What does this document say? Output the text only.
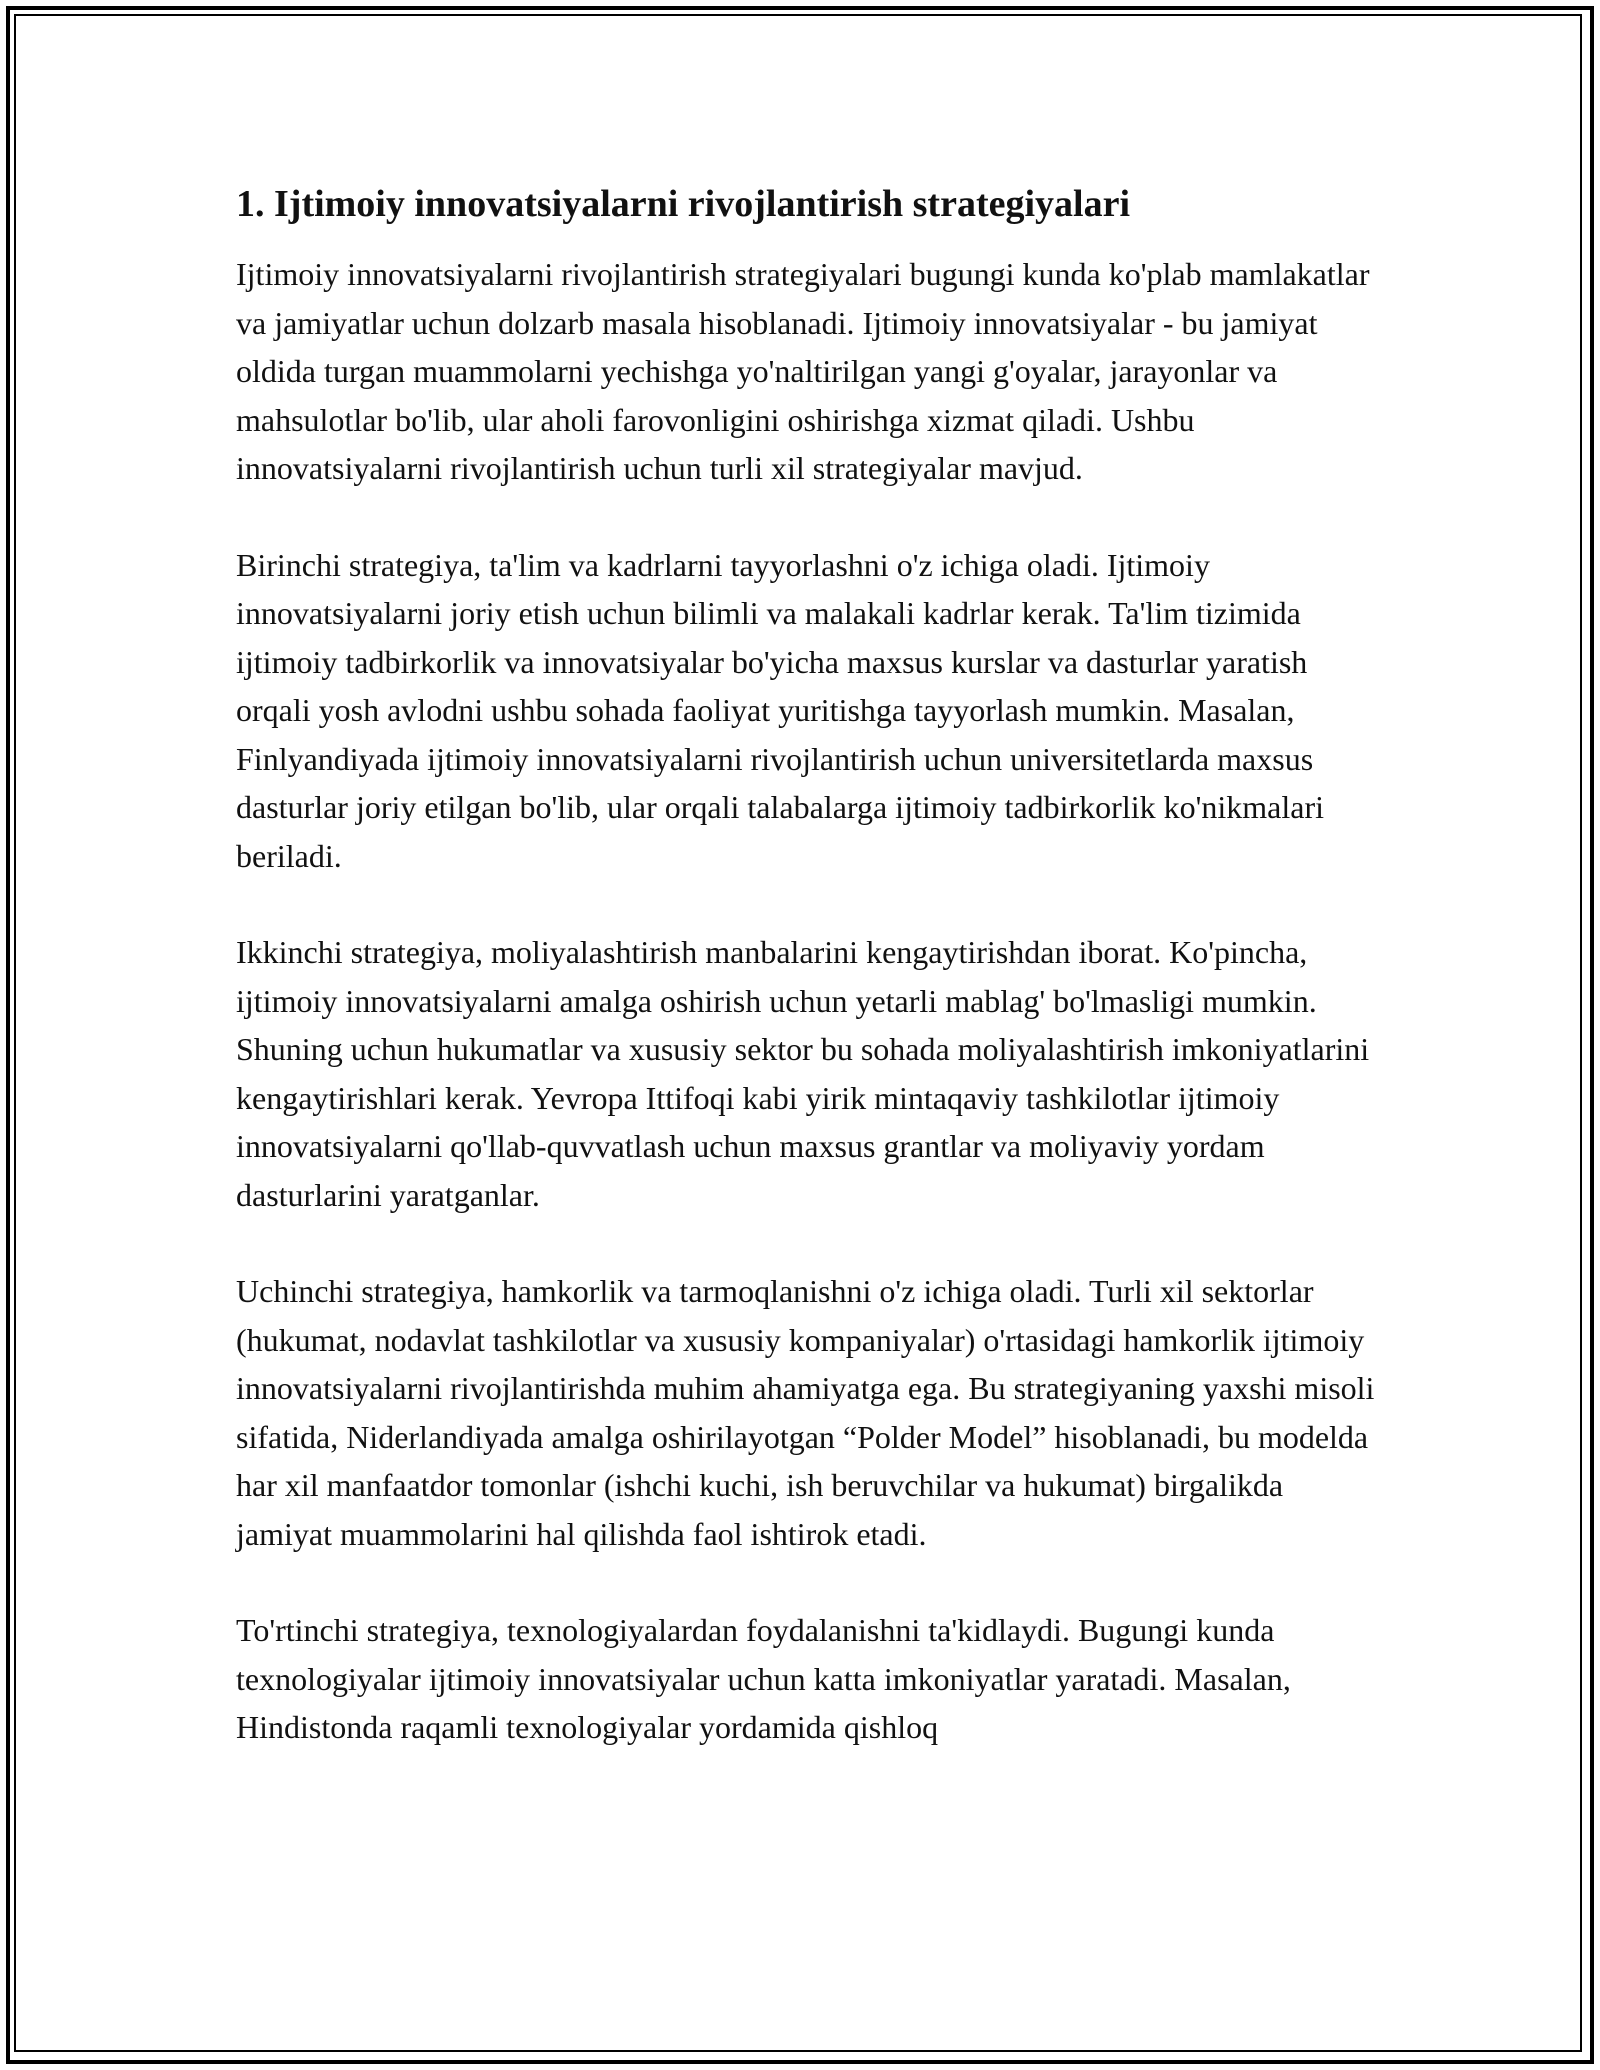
1. Ijtimoiy innovatsiyalarni rivojlantirish strategiyalari

Ijtimoiy innovatsiyalarni rivojlantirish strategiyalari bugungi kunda ko'plab mamlakatlar va jamiyatlar uchun dolzarb masala hisoblanadi. Ijtimoiy innovatsiyalar - bu jamiyat oldida turgan muammolarni yechishga yo'naltirilgan yangi g'oyalar, jarayonlar va mahsulotlar bo'lib, ular aholi farovonligini oshirishga xizmat qiladi. Ushbu innovatsiyalarni rivojlantirish uchun turli xil strategiyalar mavjud.

Birinchi strategiya, ta'lim va kadrlarni tayyorlashni o'z ichiga oladi. Ijtimoiy innovatsiyalarni joriy etish uchun bilimli va malakali kadrlar kerak. Ta'lim tizimida ijtimoiy tadbirkorlik va innovatsiyalar bo'yicha maxsus kurslar va dasturlar yaratish orqali yosh avlodni ushbu sohada faoliyat yuritishga tayyorlash mumkin. Masalan, Finlyandiyada ijtimoiy innovatsiyalarni rivojlantirish uchun universitetlarda maxsus dasturlar joriy etilgan bo'lib, ular orqali talabalarga ijtimoiy tadbirkorlik ko'nikmalari beriladi.

Ikkinchi strategiya, moliyalashtirish manbalarini kengaytirishdan iborat. Ko'pincha, ijtimoiy innovatsiyalarni amalga oshirish uchun yetarli mablag' bo'lmasligi mumkin. Shuning uchun hukumatlar va xususiy sektor bu sohada moliyalashtirish imkoniyatlarini kengaytirishlari kerak. Yevropa Ittifoqi kabi yirik mintaqaviy tashkilotlar ijtimoiy innovatsiyalarni qo'llab-quvvatlash uchun maxsus grantlar va moliyaviy yordam dasturlarini yaratganlar.

Uchinchi strategiya, hamkorlik va tarmoqlanishni o'z ichiga oladi. Turli xil sektorlar (hukumat, nodavlat tashkilotlar va xususiy kompaniyalar) o'rtasidagi hamkorlik ijtimoiy innovatsiyalarni rivojlantirishda muhim ahamiyatga ega. Bu strategiyaning yaxshi misoli sifatida, Niderlandiyada amalga oshirilayotgan “Polder Model” hisoblanadi, bu modelda har xil manfaatdor tomonlar (ishchi kuchi, ish beruvchilar va hukumat) birgalikda jamiyat muammolarini hal qilishda faol ishtirok etadi.

To'rtinchi strategiya, texnologiyalardan foydalanishni ta'kidlaydi. Bugungi kunda texnologiyalar ijtimoiy innovatsiyalar uchun katta imkoniyatlar yaratadi. Masalan, Hindistonda raqamli texnologiyalar yordamida qishloq
